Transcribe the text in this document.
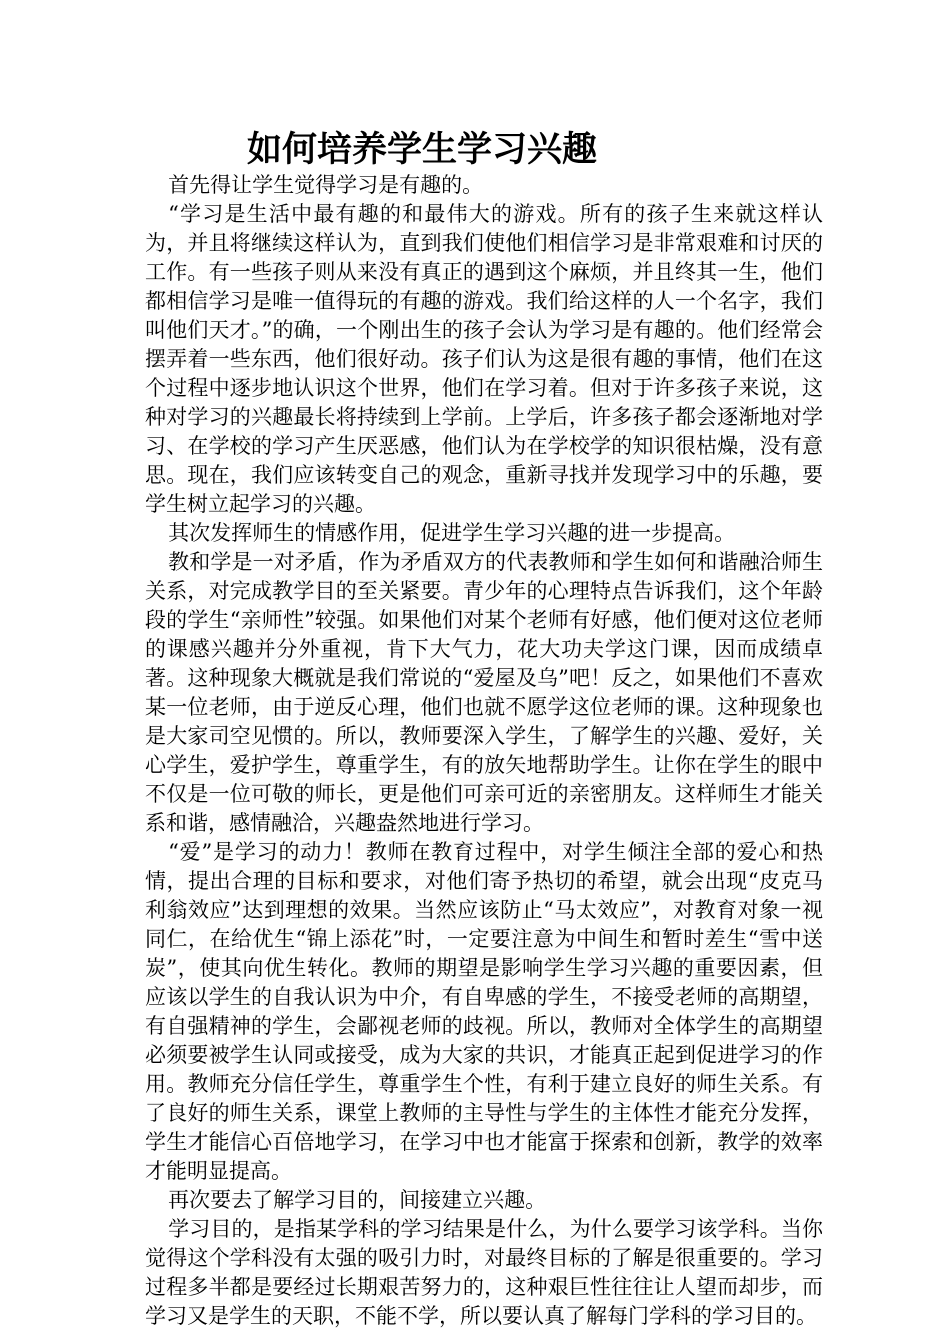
如何培养学生学习兴趣

首先得让学生觉得学习是有趣的。

“学习是生活中最有趣的和最伟大的游戏。所有的孩子生来就这样认为，并且将继续这样认为，直到我们使他们相信学习是非常艰难和讨厌的工作。有一些孩子则从来没有真正的遇到这个麻烦，并且终其一生，他们都相信学习是唯一值得玩的有趣的游戏。我们给这样的人一个名字，我们叫他们天才。”的确，一个刚出生的孩子会认为学习是有趣的。他们经常会摆弄着一些东西，他们很好动。孩子们认为这是很有趣的事情，他们在这个过程中逐步地认识这个世界，他们在学习着。但对于许多孩子来说，这种对学习的兴趣最长将持续到上学前。上学后，许多孩子都会逐渐地对学习、在学校的学习产生厌恶感，他们认为在学校学的知识很枯燥，没有意思。现在，我们应该转变自己的观念，重新寻找并发现学习中的乐趣，要学生树立起学习的兴趣。

其次发挥师生的情感作用，促进学生学习兴趣的进一步提高。

教和学是一对矛盾，作为矛盾双方的代表教师和学生如何和谐融洽师生关系，对完成教学目的至关紧要。青少年的心理特点告诉我们，这个年龄段的学生“亲师性”较强。如果他们对某个老师有好感，他们便对这位老师的课感兴趣并分外重视，肯下大气力，花大功夫学这门课，因而成绩卓著。这种现象大概就是我们常说的“爱屋及乌”吧！反之，如果他们不喜欢某一位老师，由于逆反心理，他们也就不愿学这位老师的课。这种现象也是大家司空见惯的。所以，教师要深入学生，了解学生的兴趣、爱好，关心学生，爱护学生，尊重学生，有的放矢地帮助学生。让你在学生的眼中不仅是一位可敬的师长，更是他们可亲可近的亲密朋友。这样师生才能关系和谐，感情融洽，兴趣盎然地进行学习。

“爱”是学习的动力！教师在教育过程中，对学生倾注全部的爱心和热情，提出合理的目标和要求，对他们寄予热切的希望，就会出现“皮克马利翁效应”达到理想的效果。当然应该防止“马太效应”，对教育对象一视同仁，在给优生“锦上添花”时，一定要注意为中间生和暂时差生“雪中送炭”，使其向优生转化。教师的期望是影响学生学习兴趣的重要因素，但应该以学生的自我认识为中介，有自卑感的学生，不接受老师的高期望，有自强精神的学生，会鄙视老师的歧视。所以，教师对全体学生的高期望必须要被学生认同或接受，成为大家的共识，才能真正起到促进学习的作用。教师充分信任学生，尊重学生个性，有利于建立良好的师生关系。有了良好的师生关系，课堂上教师的主导性与学生的主体性才能充分发挥，学生才能信心百倍地学习，在学习中也才能富于探索和创新，教学的效率才能明显提高。

再次要去了解学习目的，间接建立兴趣。

学习目的，是指某学科的学习结果是什么，为什么要学习该学科。当你觉得这个学科没有太强的吸引力时，对最终目标的了解是很重要的。学习过程多半都是要经过长期艰苦努力的，这种艰巨性往往让人望而却步，而学习又是学生的天职，不能不学，所以要认真了解每门学科的学习目的。
